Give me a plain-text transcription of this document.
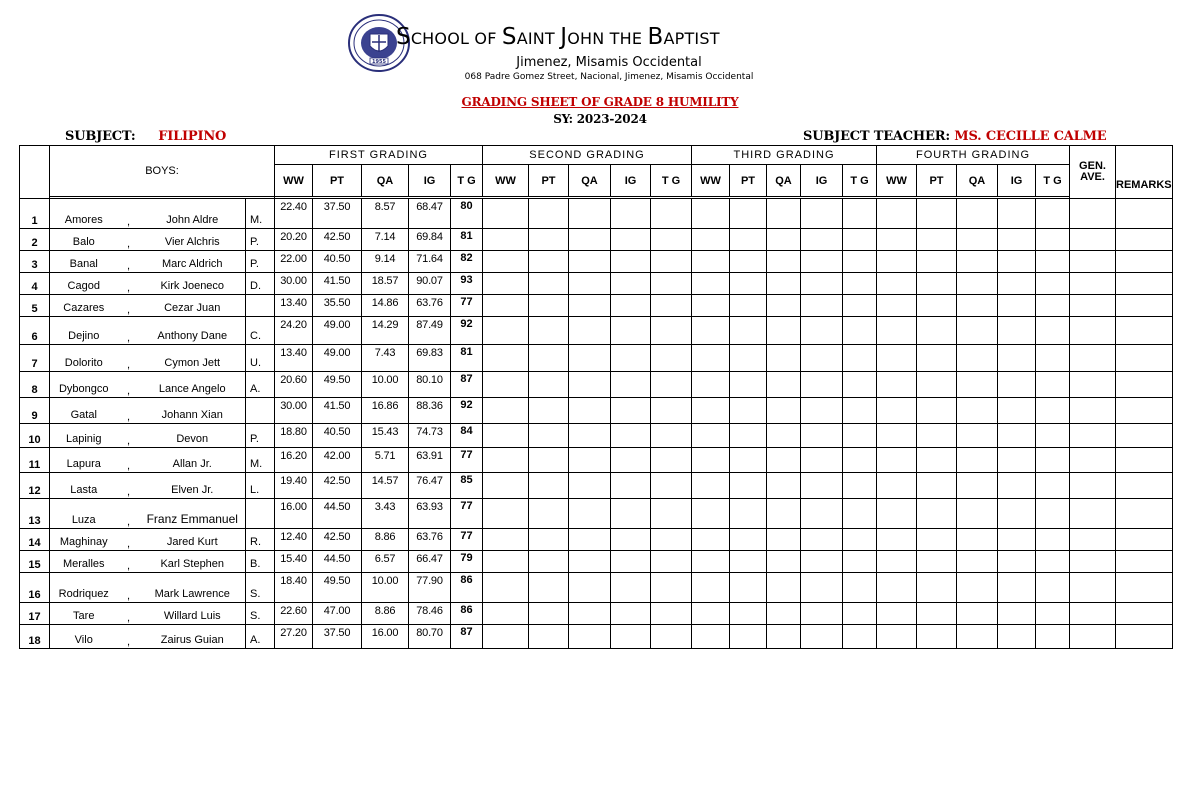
1955
SCHOOL OF SAINT JOHN THE BAPTIST
Jimenez, Misamis Occidental
068 Padre Gomez Street, Nacional, Jimenez, Misamis Occidental
GRADING SHEET OF GRADE 8 HUMILITY
SY: 2023-2024
SUBJECT: FILIPINO	SUBJECT TEACHER: MS. CECILLE CALME
	BOYS:				FIRST GRADING					SECOND GRADING					THIRD GRADING					FOURTH GRADING					GEN.
AVE.	REMARKS
					WW	PT	QA	IG	T G	WW	PT	QA	IG	T G	WW	PT	QA	IG	T G	WW	PT	QA	IG	T G		

1	Amores	,	John Aldre	M.	22.40	37.50	8.57	68.47	80																	
2	Balo	,	Vier Alchris	P.	20.20	42.50	7.14	69.84	81																	
3	Banal	,	Marc Aldrich	P.	22.00	40.50	9.14	71.64	82																	
4	Cagod	,	Kirk Joeneco	D.	30.00	41.50	18.57	90.07	93																	
5	Cazares	,	Cezar Juan		13.40	35.50	14.86	63.76	77																	
6	Dejino	,	Anthony Dane	C.	24.20	49.00	14.29	87.49	92																	
7	Dolorito	,	Cymon Jett	U.	13.40	49.00	7.43	69.83	81																	
8	Dybongco	,	Lance Angelo	A.	20.60	49.50	10.00	80.10	87																	
9	Gatal	,	Johann Xian		30.00	41.50	16.86	88.36	92																	
10	Lapinig	,	Devon	P.	18.80	40.50	15.43	74.73	84																	
11	Lapura	,	Allan Jr.	M.	16.20	42.00	5.71	63.91	77																	
12	Lasta	,	Elven Jr.	L.	19.40	42.50	14.57	76.47	85																	
13	Luza	,	Franz Emmanuel		16.00	44.50	3.43	63.93	77																	
14	Maghinay	,	Jared Kurt	R.	12.40	42.50	8.86	63.76	77																	
15	Meralles	,	Karl Stephen	B.	15.40	44.50	6.57	66.47	79																	
16	Rodriquez	,	Mark Lawrence	S.	18.40	49.50	10.00	77.90	86																	
17	Tare	,	Willard Luis	S.	22.60	47.00	8.86	78.46	86																	
18	Vilo	,	Zairus Guian	A.	27.20	37.50	16.00	80.70	87																	
